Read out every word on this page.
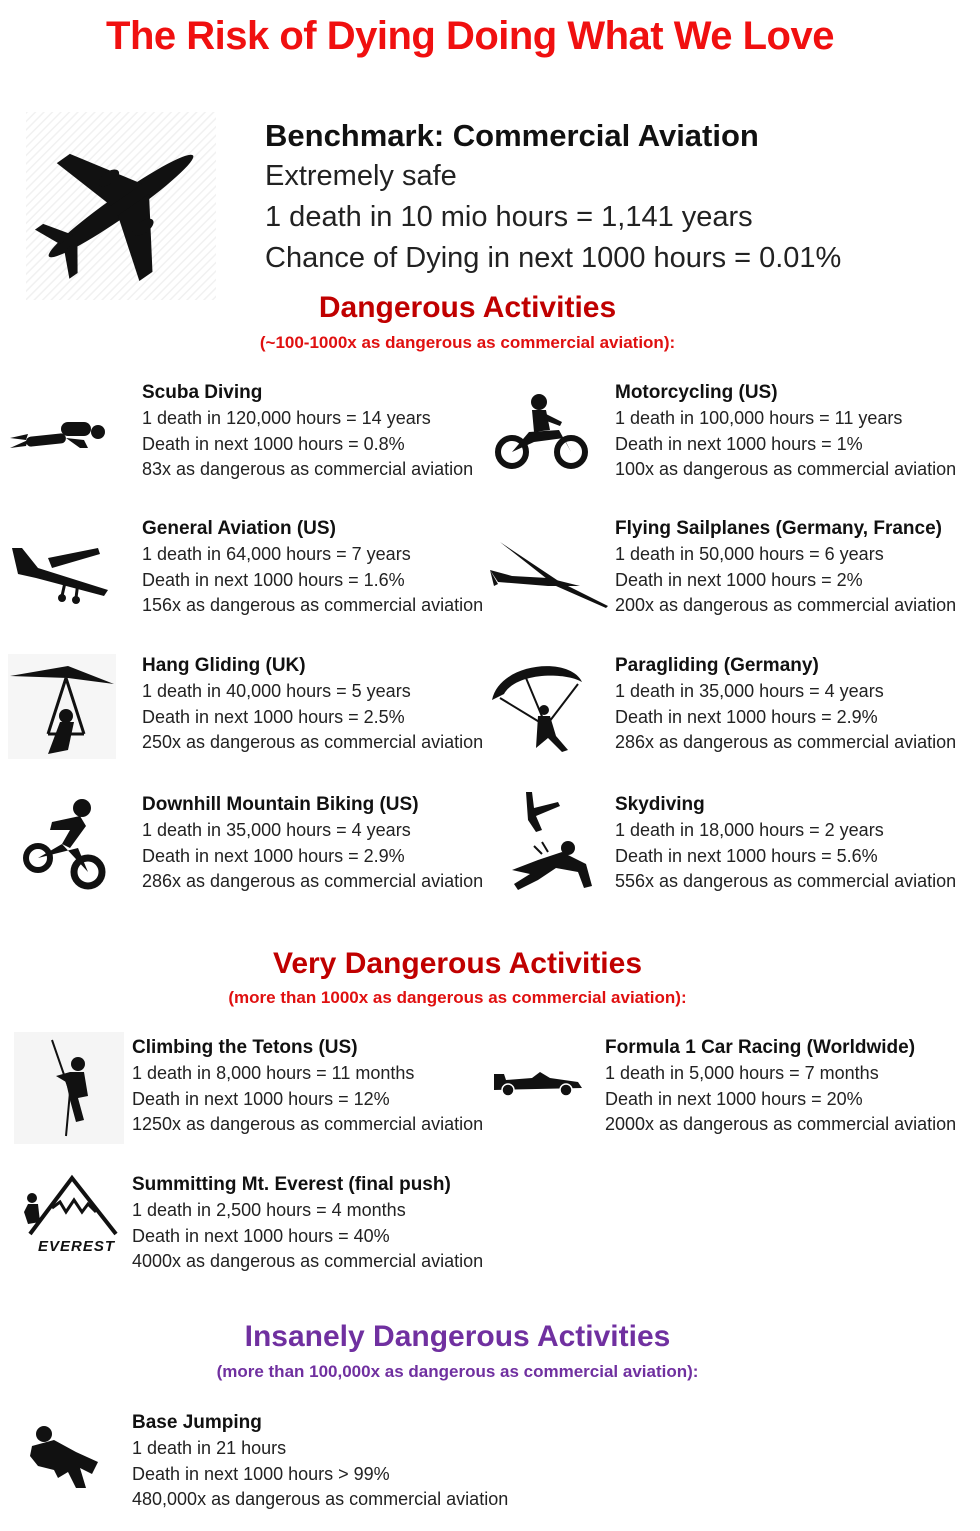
The Risk of Dying Doing What We Love
Benchmark: Commercial Aviation
Extremely safe
1 death in 10 mio hours = 1,141 years
Chance of Dying in next 1000 hours = 0.01%
Dangerous Activities
(~100-1000x as dangerous as commercial aviation):
Scuba Diving
1 death in 120,000 hours = 14 years
Death in next 1000 hours = 0.8%
83x as dangerous as commercial aviation
Motorcycling (US)
1 death in 100,000 hours = 11 years
Death in next 1000 hours = 1%
100x as dangerous as commercial aviation
General Aviation (US)
1 death in 64,000 hours = 7 years
Death in next 1000 hours = 1.6%
156x as dangerous as commercial aviation
Flying Sailplanes (Germany, France)
1 death in 50,000 hours = 6 years
Death in next 1000 hours = 2%
200x as dangerous as commercial aviation
Hang Gliding (UK)
1 death in 40,000 hours = 5 years
Death in next 1000 hours = 2.5%
250x as dangerous as commercial aviation
Paragliding (Germany)
1 death in 35,000 hours = 4 years
Death in next 1000 hours = 2.9%
286x as dangerous as commercial aviation
Downhill Mountain Biking (US)
1 death in 35,000 hours = 4 years
Death in next 1000 hours = 2.9%
286x as dangerous as commercial aviation
Skydiving
1 death in 18,000 hours = 2 years
Death in next 1000 hours = 5.6%
556x as dangerous as commercial aviation
Very Dangerous Activities
(more than 1000x as dangerous as commercial aviation):
Climbing the Tetons (US)
1 death in 8,000 hours = 11 months
Death in next 1000 hours = 12%
1250x as dangerous as commercial aviation
Formula 1 Car Racing (Worldwide)
1 death in 5,000 hours = 7 months
Death in next 1000 hours = 20%
2000x as dangerous as commercial aviation
Summitting Mt. Everest (final push)
1 death in 2,500 hours = 4 months
Death in next 1000 hours = 40%
4000x as dangerous as commercial aviation
EVEREST
Insanely Dangerous Activities
(more than 100,000x as dangerous as commercial aviation):
Base Jumping
1 death in 21 hours
Death in next 1000 hours > 99%
480,000x as dangerous as commercial aviation
